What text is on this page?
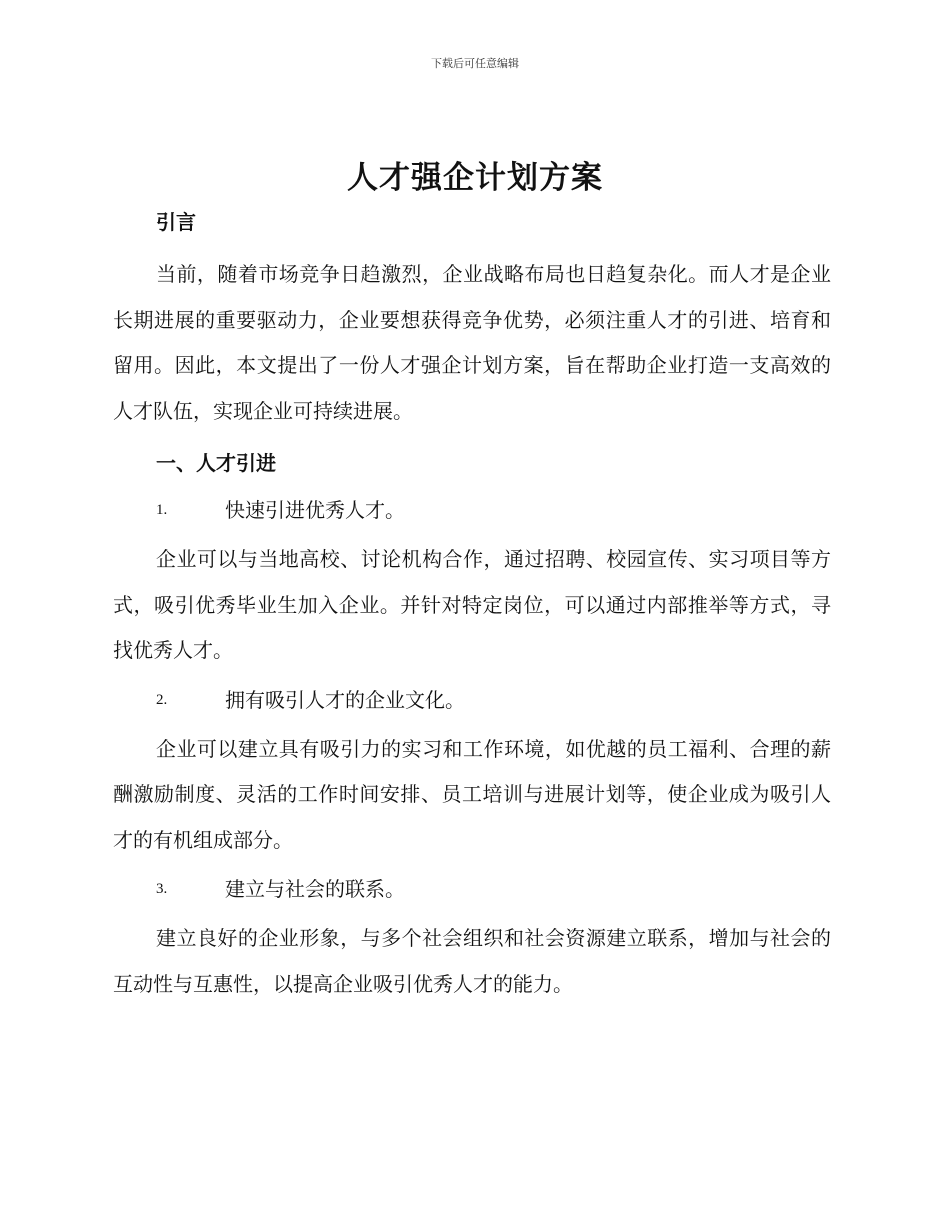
下载后可任意编辑
人才强企计划方案
引言

当前，随着市场竞争日趋激烈，企业战略布局也日趋复杂化。而人才是企业长期进展的重要驱动力，企业要想获得竞争优势，必须注重人才的引进、培育和留用。因此，本文提出了一份人才强企计划方案，旨在帮助企业打造一支高效的人才队伍，实现企业可持续进展。

一、人才引进
1.	快速引进优秀人才。

企业可以与当地高校、讨论机构合作，通过招聘、校园宣传、实习项目等方式，吸引优秀毕业生加入企业。并针对特定岗位，可以通过内部推举等方式，寻找优秀人才。

2.	拥有吸引人才的企业文化。

企业可以建立具有吸引力的实习和工作环境，如优越的员工福利、合理的薪酬激励制度、灵活的工作时间安排、员工培训与进展计划等，使企业成为吸引人才的有机组成部分。

3.	建立与社会的联系。

建立良好的企业形象，与多个社会组织和社会资源建立联系，增加与社会的互动性与互惠性，以提高企业吸引优秀人才的能力。
